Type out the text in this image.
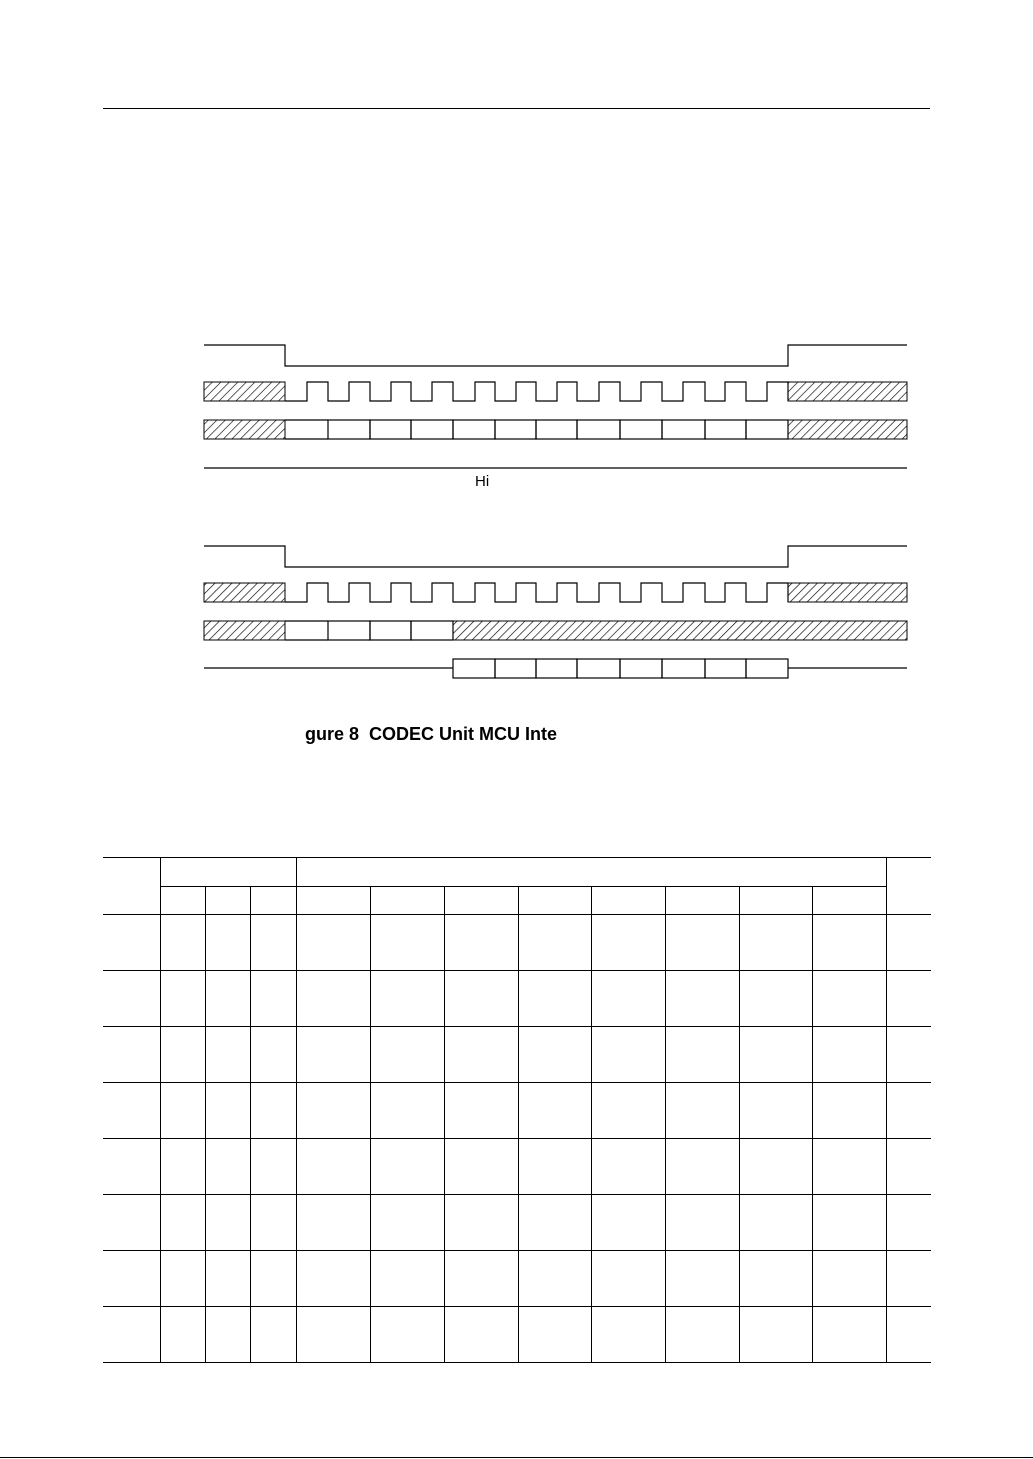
Hi
gure 8  CODEC Unit MCU Inte
